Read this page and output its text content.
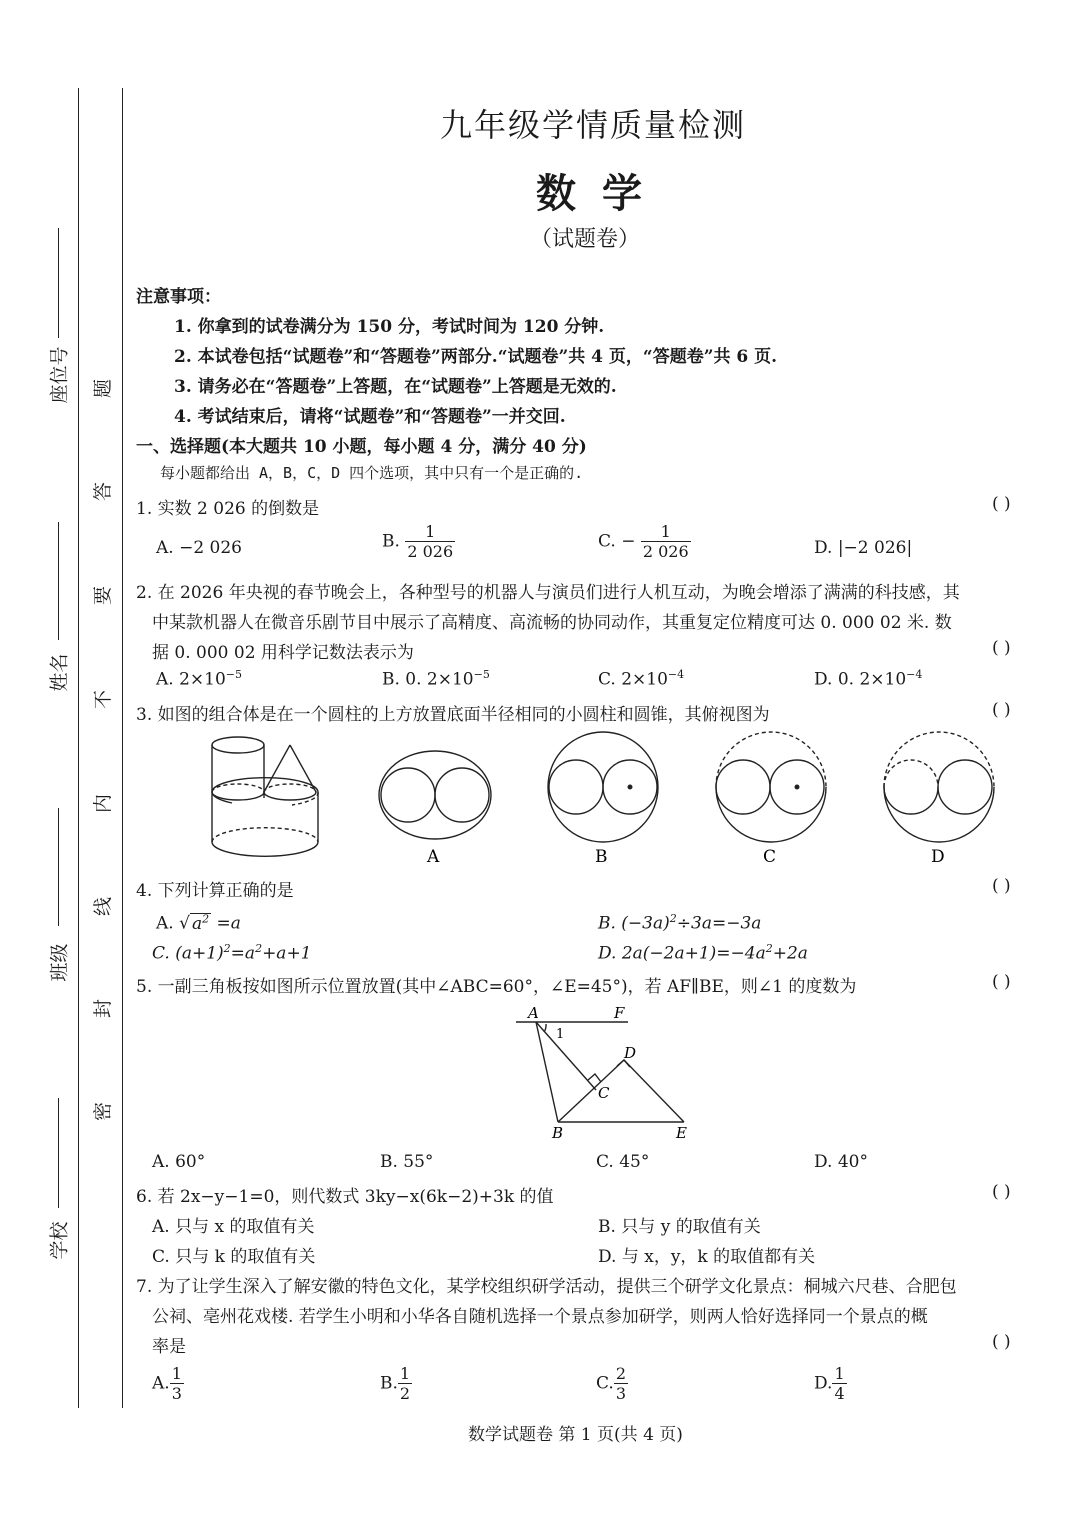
座位号
姓名
班级
学校
题
答
要
不
内
线
封
密
九年级学情质量检测
数学
（试题卷）
注意事项：
1. 你拿到的试卷满分为 150 分，考试时间为 120 分钟.
2. 本试卷包括“试题卷”和“答题卷”两部分.“试题卷”共 4 页，“答题卷”共 6 页.
3. 请务必在“答题卷”上答题，在“试题卷”上答题是无效的.
4. 考试结束后，请将“试题卷”和“答题卷”一并交回.
一、选择题(本大题共 10 小题，每小题 4 分，满分 40 分)
每小题都给出 A，B，C，D 四个选项，其中只有一个是正确的.
1. 实数 2 026 的倒数是	( )
A. −2 026	B. $\frac{1}{2 026}$	C. − $\frac{1}{2 026}$	D. |−2 026|
2. 在 2026 年央视的春节晚会上，各种型号的机器人与演员们进行人机互动，为晚会增添了满满的科技感，其
中某款机器人在微音乐剧节目中展示了高精度、高流畅的协同动作，其重复定位精度可达 0. 000 02 米. 数
据 0. 000 02 用科学记数法表示为	( )
A. $2\times 10^{-5}$	B. 0. $2\times 10^{-5}$	C. $2\times 10^{-4}$	D. 0. $2\times 10^{-4}$
3. 如图的组合体是在一个圆柱的上方放置底面半径相同的小圆柱和圆锥，其俯视图为	( )
A	B	C	D
4. 下列计算正确的是	( )
A. √ $a^2 =a$	B. $(-3a)^2\div 3a=-3a$
C. $(a+1)^2=a^2+a+1$	D. $2a(-2a+1)=-4a^2+2a$
5. 一副三角板按如图所示位置放置(其中∠ABC=60°，∠E=45°)，若 AF∥BE，则∠1 的度数为	( )
A	F
1
D
C
B	E
A. 60°	B. 55°	C. 45°	D. 40°
6. 若 2x−y−1=0，则代数式 3ky−x(6k−2)+3k 的值	( )
A. 只与 x 的取值有关	B. 只与 y 的取值有关
C. 只与 k 的取值有关	D. 与 x，y，k 的取值都有关
7. 为了让学生深入了解安徽的特色文化，某学校组织研学活动，提供三个研学文化景点：桐城六尺巷、合肥包
公祠、亳州花戏楼. 若学生小明和小华各自随机选择一个景点参加研学，则两人恰好选择同一个景点的概
率是	( )
A. $\frac{1}{3}$	B. $\frac{1}{2}$	C. $\frac{2}{3}$	D. $\frac{1}{4}$
数学试题卷 第 1 页(共 4 页)
